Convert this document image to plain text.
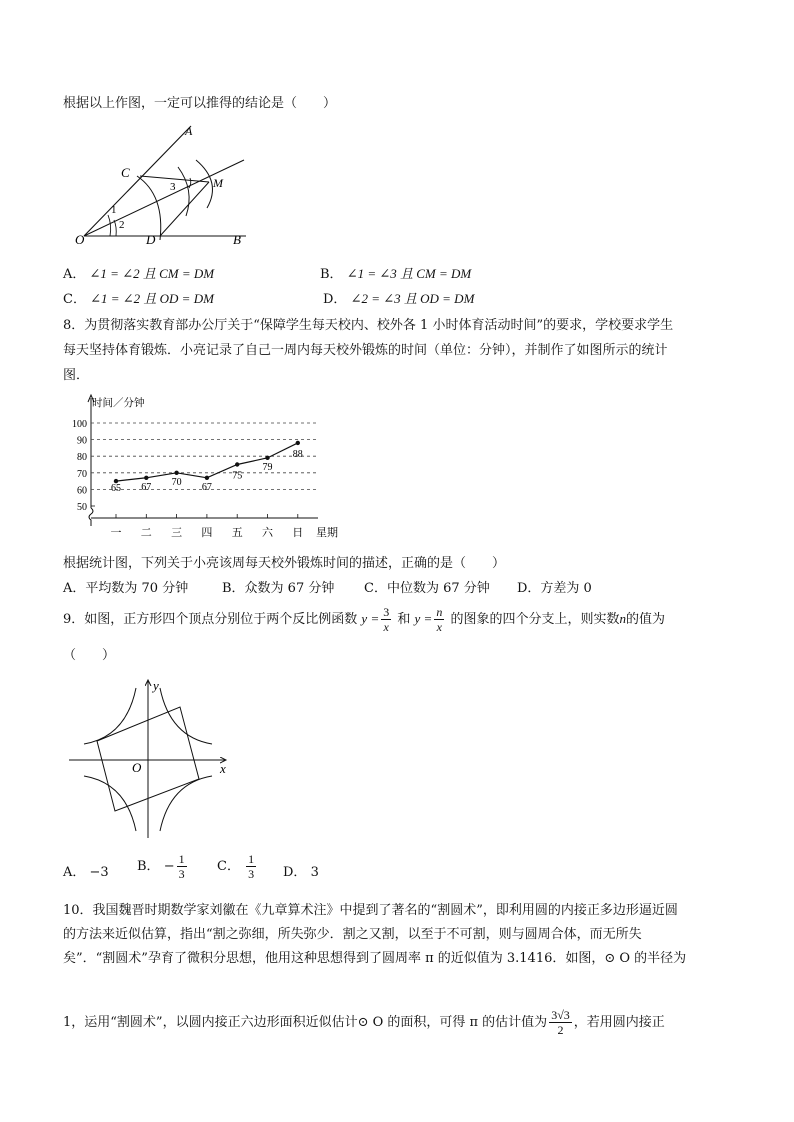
根据以上作图，一定可以推得的结论是（　　）
A
C
M
O	D	B
1
2
3
A． ∠1 = ∠2 且 CM = DM	B． ∠1 = ∠3 且 CM = DM
C． ∠1 = ∠2 且 OD = DM	D． ∠2 = ∠3 且 OD = DM
8．为贯彻落实教育部办公厅关于“保障学生每天校内、校外各 1 小时体育活动时间”的要求，学校要求学生
每天坚持体育锻炼．小亮记录了自己一周内每天校外锻炼的时间（单位：分钟），并制作了如图所示的统计
图．
50
60
70
80
90
100
时间／分钟
一 二 三 四 五 六 日 星期
65 67 70 67
75
79
88
根据统计图，下列关于小亮该周每天校外锻炼时间的描述，正确的是（　　）
A．平均数为 70 分钟	B．众数为 67 分钟 C．中位数为 67 分钟 D．方差为 0
9．如图，正方形四个顶点分别位于两个反比例函数 $y = \frac{3}{x}$ 和 $y = \frac{n}{x}$ 的图象的四个分支上，则实数n的值为
（　　）
y
x
O
A． −3 B． − $\frac{1}{3}$ C． $\frac{1}{3}$ D． 3
10．我国魏晋时期数学家刘徽在《九章算术注》中提到了著名的“割圆术”，即利用圆的内接正多边形逼近圆
的方法来近似估算，指出“割之弥细，所失弥少．割之又割，以至于不可割，则与圆周合体，而无所失
矣”．“割圆术”孕育了微积分思想，他用这种思想得到了圆周率 π 的近似值为 3.1416．如图，⊙ O 的半径为
1，运用“割圆术”，以圆内接正六边形面积近似估计⊙ O 的面积，可得 π 的估计值为 $\frac{3√3}{2}$ ，若用圆内接正
